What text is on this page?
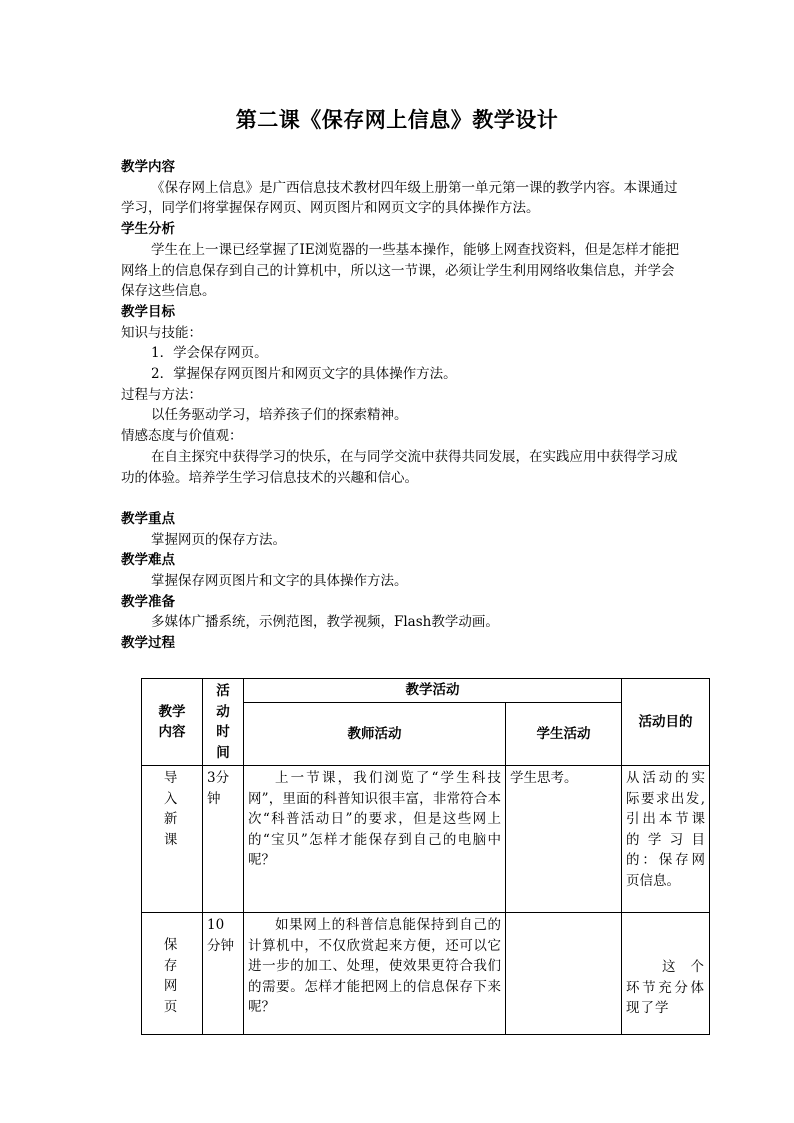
第二课《保存网上信息》教学设计

教学内容

《保存网上信息》是广西信息技术教材四年级上册第一单元第一课的教学内容。本课通过学习，同学们将掌握保存网页、网页图片和网页文字的具体操作方法。

学生分析

学生在上一课已经掌握了IE浏览器的一些基本操作，能够上网查找资料，但是怎样才能把网络上的信息保存到自己的计算机中，所以这一节课，必须让学生利用网络收集信息，并学会保存这些信息。

教学目标

知识与技能：

1．学会保存网页。

2．掌握保存网页图片和网页文字的具体操作方法。

过程与方法：

以任务驱动学习，培养孩子们的探索精神。

情感态度与价值观：

在自主探究中获得学习的快乐，在与同学交流中获得共同发展，在实践应用中获得学习成功的体验。培养学生学习信息技术的兴趣和信心。

教学重点

掌握网页的保存方法。

教学难点

掌握保存网页图片和文字的具体操作方法。

教学准备

多媒体广播系统，示例范图，教学视频，Flash教学动画。

教学过程

教学内容	活动时间	教学活动		活动目的
		教师活动	学生活动	

导入新课	3分钟	上一节课，我们浏览了“学生科技网”，里面的科普知识很丰富，非常符合本次“科普活动日”的要求，但是这些网上的“宝贝”怎样才能保存到自己的电脑中呢？	学生思考。	从活动的实际要求出发,引出本节课的学习目的：保存网页信息。

保存网页	10分钟	如果网上的科普信息能保持到自己的计算机中，不仅欣赏起来方便，还可以它进一步的加工、处理，使效果更符合我们的需要。怎样才能把网上的信息保存下来呢？		这个环节充分体现了学
